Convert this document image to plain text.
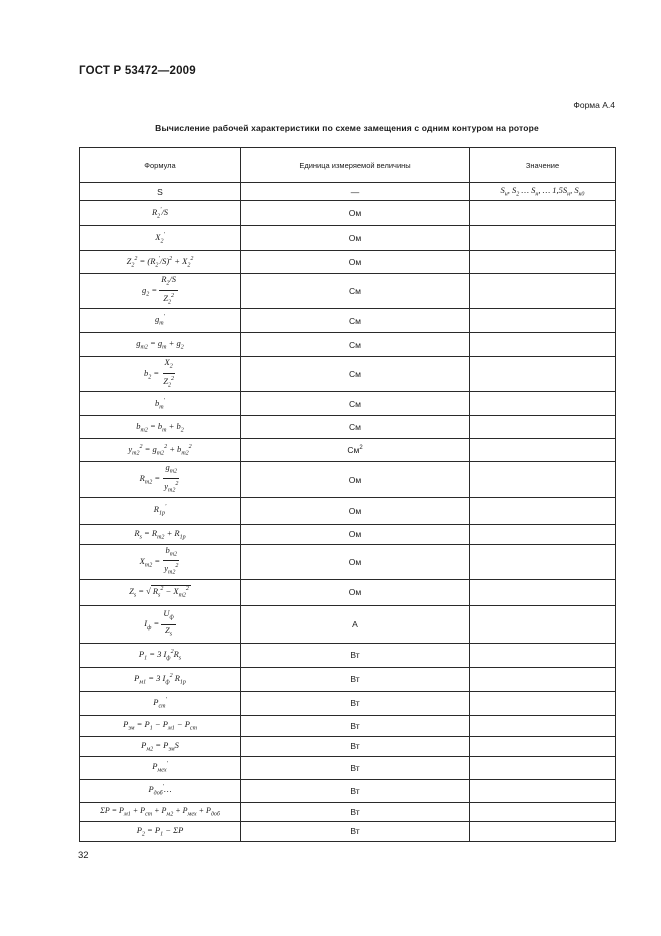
ГОСТ Р 53472—2009
Форма А.4
Вычисление рабочей характеристики по схеме замещения с одним контуром на роторе
Формула	Единица измеряемой величины	Значение
S	—	$S_н$, $S_2$ … $S_н$, … $1,5S_н$, $S_{к0}$
$R_2'/S$	Ом	
$X_2'$	Ом	
$Z_2^2 = (R_2'/S)^2 + X_2^2$	Ом	
$g_2 = \frac{R_2/S}{Z_2^2}$	См	
$g_m'$	См	
$g_{m2} = g_m + g_2$	См	
$b_2 = \frac{X_2}{Z_2^2}$	См	
$b_m'$	См	
$b_{m2} = b_m + b_2$	См	
$y_{m2}^2 = g_{m2}^2 + b_{m2}^2$	$См^2$	
$R_{m2} = \frac{g_{m2}}{y_{m2}^2}$	Ом	
$R_{1р}'$	Ом	
$R_s = R_{m2} + R_{1р}$	Ом	
$X_{m2} = \frac{b_{m2}}{y_{m2}^2}$	Ом	
$Z_s$ = √ $R_s^2 - X_{m2}^2$	Ом	
$I_ф = \frac{U_ф}{Z_s}$	А	
$P_1 = 3$ $I_ф^2R_s$	Вт	
$P_{м1} = 3$ $I_ф^2$ $R_{1р}$	Вт	
$P_{ст}'$	Вт	
$P_{эм} = P_1 - P_{м1} - P_{ст}$	Вт	
$P_{м2} = P_{эм}S$	Вт	
$P_{мех}'$	Вт	
$P_{доб}'\dots$	Вт	
$\Sigma P = P_{м1} + P_{ст} + P_{м2} + P_{мех} + P_{доб}$	Вт	
$P_2 = P_1 - \Sigma P$	Вт	
32
